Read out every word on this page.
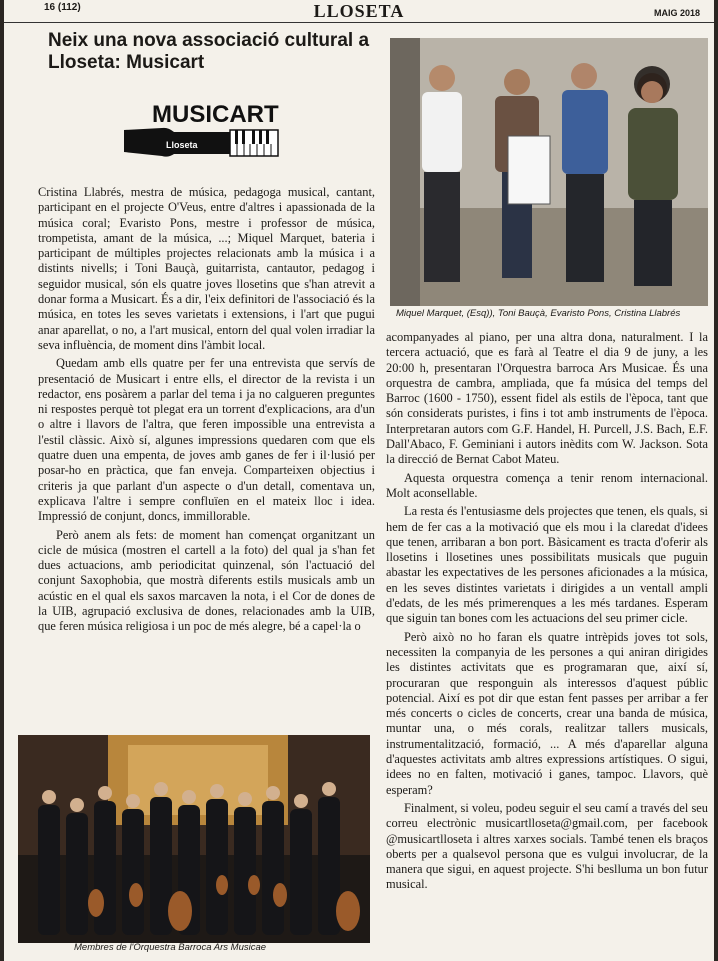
16 (112)	LLOSETA	MAIG 2018
Neix una nova associació cultural a Lloseta: Musicart
MUSICART
Lloseta

Cristina Llabrés, mestra de música, pedagoga musical, cantant, participant en el projecte O'Veus, entre d'altres i apassionada de la música coral; Evaristo Pons, mestre i professor de música, trompetista, amant de la música, ...; Miquel Marquet, bateria i participant de múltiples projectes relacionats amb la música i a distints nivells; i Toni Bauçà, guitarrista, cantautor, pedagog i seguidor musical, són els quatre joves llosetins que s'han atrevit a donar forma a Musicart. És a dir, l'eix definitori de l'associació és la música, en totes les seves varietats i extensions, i l'art que pugui anar aparellat, o no, a l'art musical, entorn del qual volen irradiar la seva influència, de moment dins l'àmbit local.

Quedam amb ells quatre per fer una entrevista que servís de presentació de Musicart i entre ells, el director de la revista i un redactor, ens posàrem a parlar del tema i ja no calgueren preguntes ni respostes perquè tot plegat era un torrent d'explicacions, ara d'un o altre i llavors de l'altra, que feren impossible una entrevista a l'estil clàssic. Això sí, algunes impressions quedaren com que els quatre duen una empenta, de joves amb ganes de fer i il·lusió per posar-ho en pràctica, que fan enveja. Comparteixen objectius i criteris ja que parlant d'un aspecte o d'un detall, comentava un, explicava l'altre i sempre confluïen en el mateix lloc i idea. Impressió de conjunt, doncs, immillorable.

Però anem als fets: de moment han començat organitzant un cicle de música (mostren el cartell a la foto) del qual ja s'han fet dues actuacions, amb periodicitat quinzenal, són l'actuació del conjunt Saxophobia, que mostrà diferents estils musicals amb un acústic en el qual els saxos marcaven la nota, i el Cor de dones de la UIB, agrupació exclusiva de dones, relacionades amb la UIB, que feren música religiosa i un poc de més alegre, bé a capel·la o

Miquel Marquet, (Esq)), Toni Bauçà, Evaristo Pons, Cristina Llabrés

acompanyades al piano, per una altra dona, naturalment. I la tercera actuació, que es farà al Teatre el dia 9 de juny, a les 20:00 h, presentaran l'Orquestra barroca Ars Musicae. És una orquestra de cambra, ampliada, que fa música del temps del Barroc (1600 - 1750), essent fidel als estils de l'època, tant que són considerats puristes, i fins i tot amb instruments de l'època. Interpretaran autors com G.F. Handel, H. Purcell, J.S. Bach, E.F. Dall'Abaco, F. Geminiani i autors inèdits com W. Jackson. Sota la direcció de Bernat Cabot Mateu.

Aquesta orquestra comença a tenir renom internacional. Molt aconsellable.

La resta és l'entusiasme dels projectes que tenen, els quals, si hem de fer cas a la motivació que els mou i la claredat d'idees que tenen, arribaran a bon port. Bàsicament es tracta d'oferir als llosetins i llosetines unes possibilitats musicals que puguin abastar les expectatives de les persones aficionades a la música, en les seves distintes varietats i dirigides a un ventall ampli d'edats, de les més primerenques a les més tardanes. Esperam que siguin tan bones com les actuacions del seu primer cicle.

Però això no ho faran els quatre intrèpids joves tot sols, necessiten la companyia de les persones a qui aniran dirigides les distintes activitats que es programaran que, així sí, procuraran que responguin als interessos d'aquest públic potencial. Així es pot dir que estan fent passes per arribar a fer més concerts o cicles de concerts, crear una banda de música, muntar una, o més corals, realitzar tallers musicals, instrumentalització, formació, ... A més d'aparellar alguna d'aquestes activitats amb altres expressions artístiques. O sigui, idees no en falten, motivació i ganes, tampoc. Llavors, què esperam?

Finalment, si voleu, podeu seguir el seu camí a través del seu correu electrònic musicartlloseta@gmail.com, per facebook @musicartlloseta i altres xarxes socials. També tenen els braços oberts per a qualsevol persona que es vulgui involucrar, de la manera que sigui, en aquest projecte. S'hi besllumа un bon futur musical.

Membres de l'Orquestra Barroca Ars Musicae
